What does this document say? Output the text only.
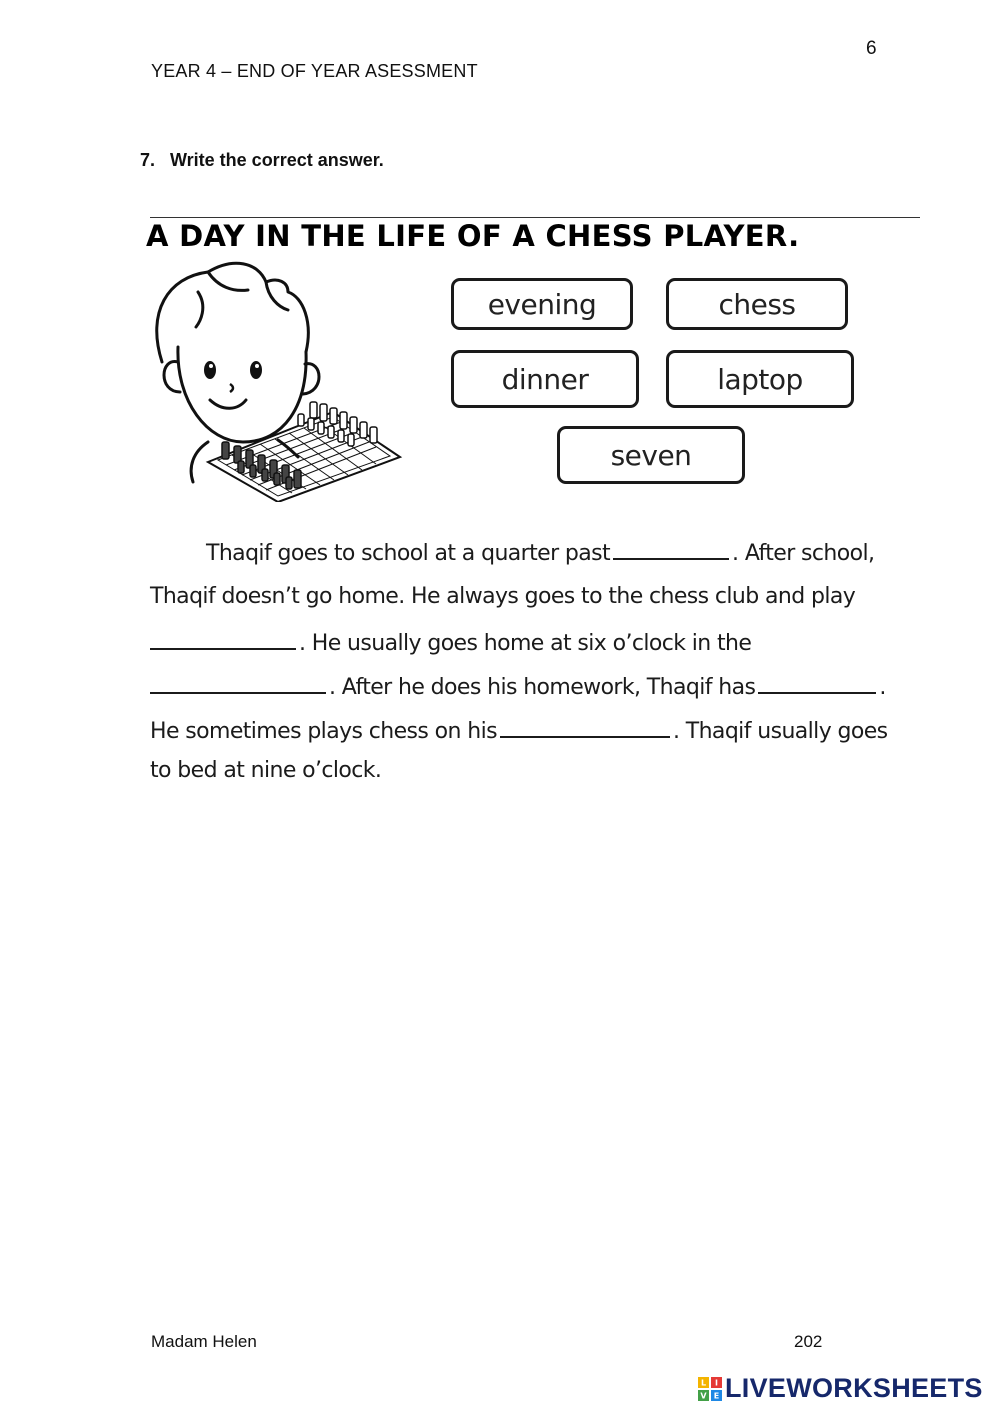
6
YEAR 4 – END OF YEAR ASESSMENT
7. Write the correct answer.
A DAY IN THE LIFE OF A CHESS PLAYER.
evening	chess
dinner	laptop
seven
Thaqif goes to school at a quarter past	. After school,
Thaqif doesn’t go home. He always goes to the chess club and play
. He usually goes home at six o’clock in the
. After he does his homework, Thaqif has	.
He sometimes plays chess on his	. Thaqif usually goes
to bed at nine o’clock.
Madam Helen	202
L I
V E LIVEWORKSHEETS
